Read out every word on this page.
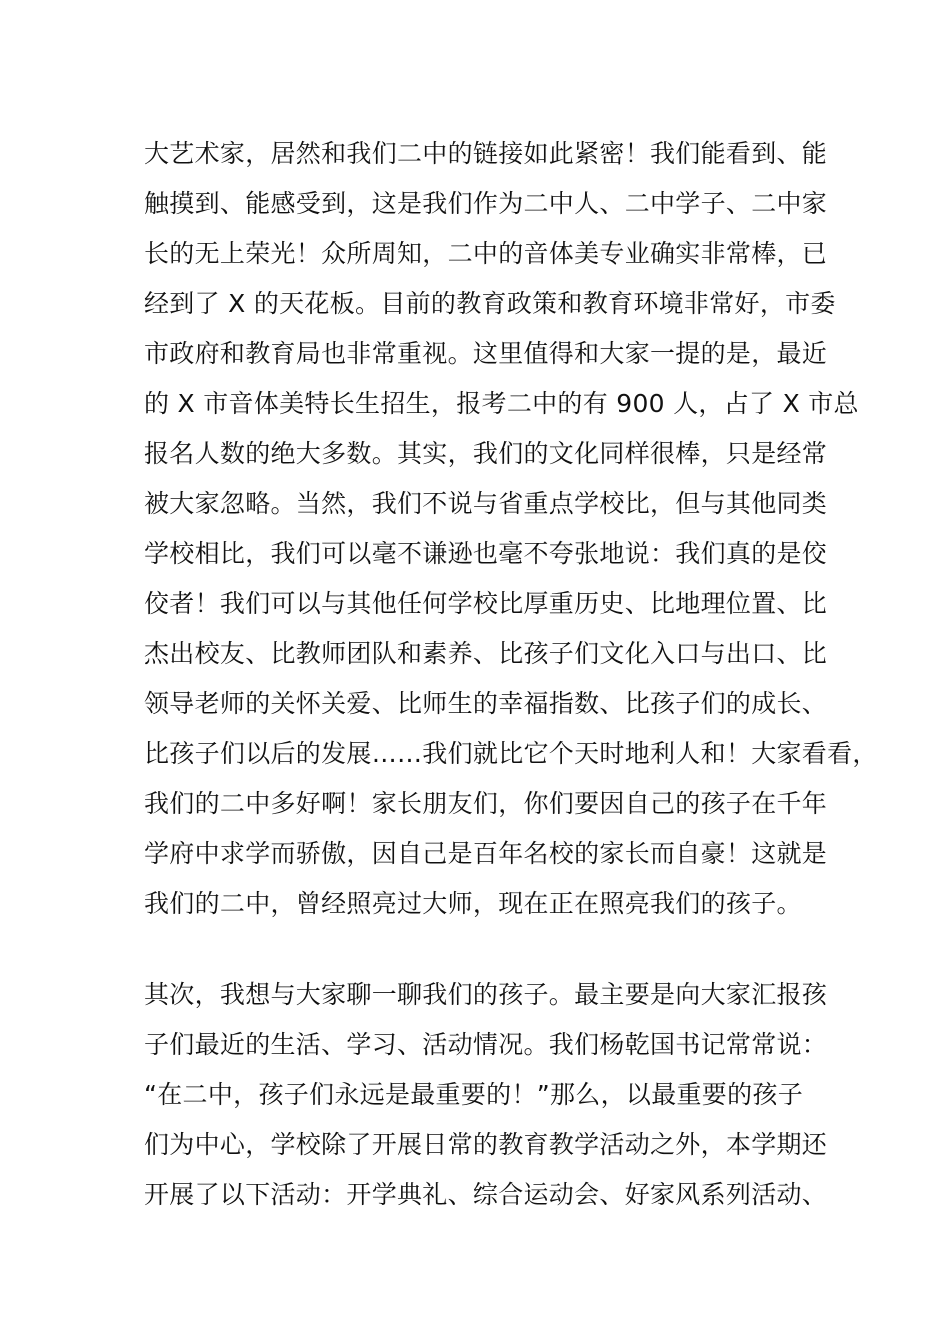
大艺术家，居然和我们二中的链接如此紧密！我们能看到、能
触摸到、能感受到，这是我们作为二中人、二中学子、二中家
长的无上荣光！众所周知，二中的音体美专业确实非常棒，已
经到了 X 的天花板。目前的教育政策和教育环境非常好，市委
市政府和教育局也非常重视。这里值得和大家一提的是，最近
的 X 市音体美特长生招生，报考二中的有 900 人，占了 X 市总
报名人数的绝大多数。其实，我们的文化同样很棒，只是经常
被大家忽略。当然，我们不说与省重点学校比，但与其他同类
学校相比，我们可以毫不谦逊也毫不夸张地说：我们真的是佼
佼者！我们可以与其他任何学校比厚重历史、比地理位置、比
杰出校友、比教师团队和素养、比孩子们文化入口与出口、比
领导老师的关怀关爱、比师生的幸福指数、比孩子们的成长、
比孩子们以后的发展……我们就比它个天时地利人和！大家看看，
我们的二中多好啊！家长朋友们，你们要因自己的孩子在千年
学府中求学而骄傲，因自己是百年名校的家长而自豪！这就是
我们的二中，曾经照亮过大师，现在正在照亮我们的孩子。
其次，我想与大家聊一聊我们的孩子。最主要是向大家汇报孩
子们最近的生活、学习、活动情况。我们杨乾国书记常常说：
“在二中，孩子们永远是最重要的！”那么，以最重要的孩子
们为中心，学校除了开展日常的教育教学活动之外，本学期还
开展了以下活动：开学典礼、综合运动会、好家风系列活动、
